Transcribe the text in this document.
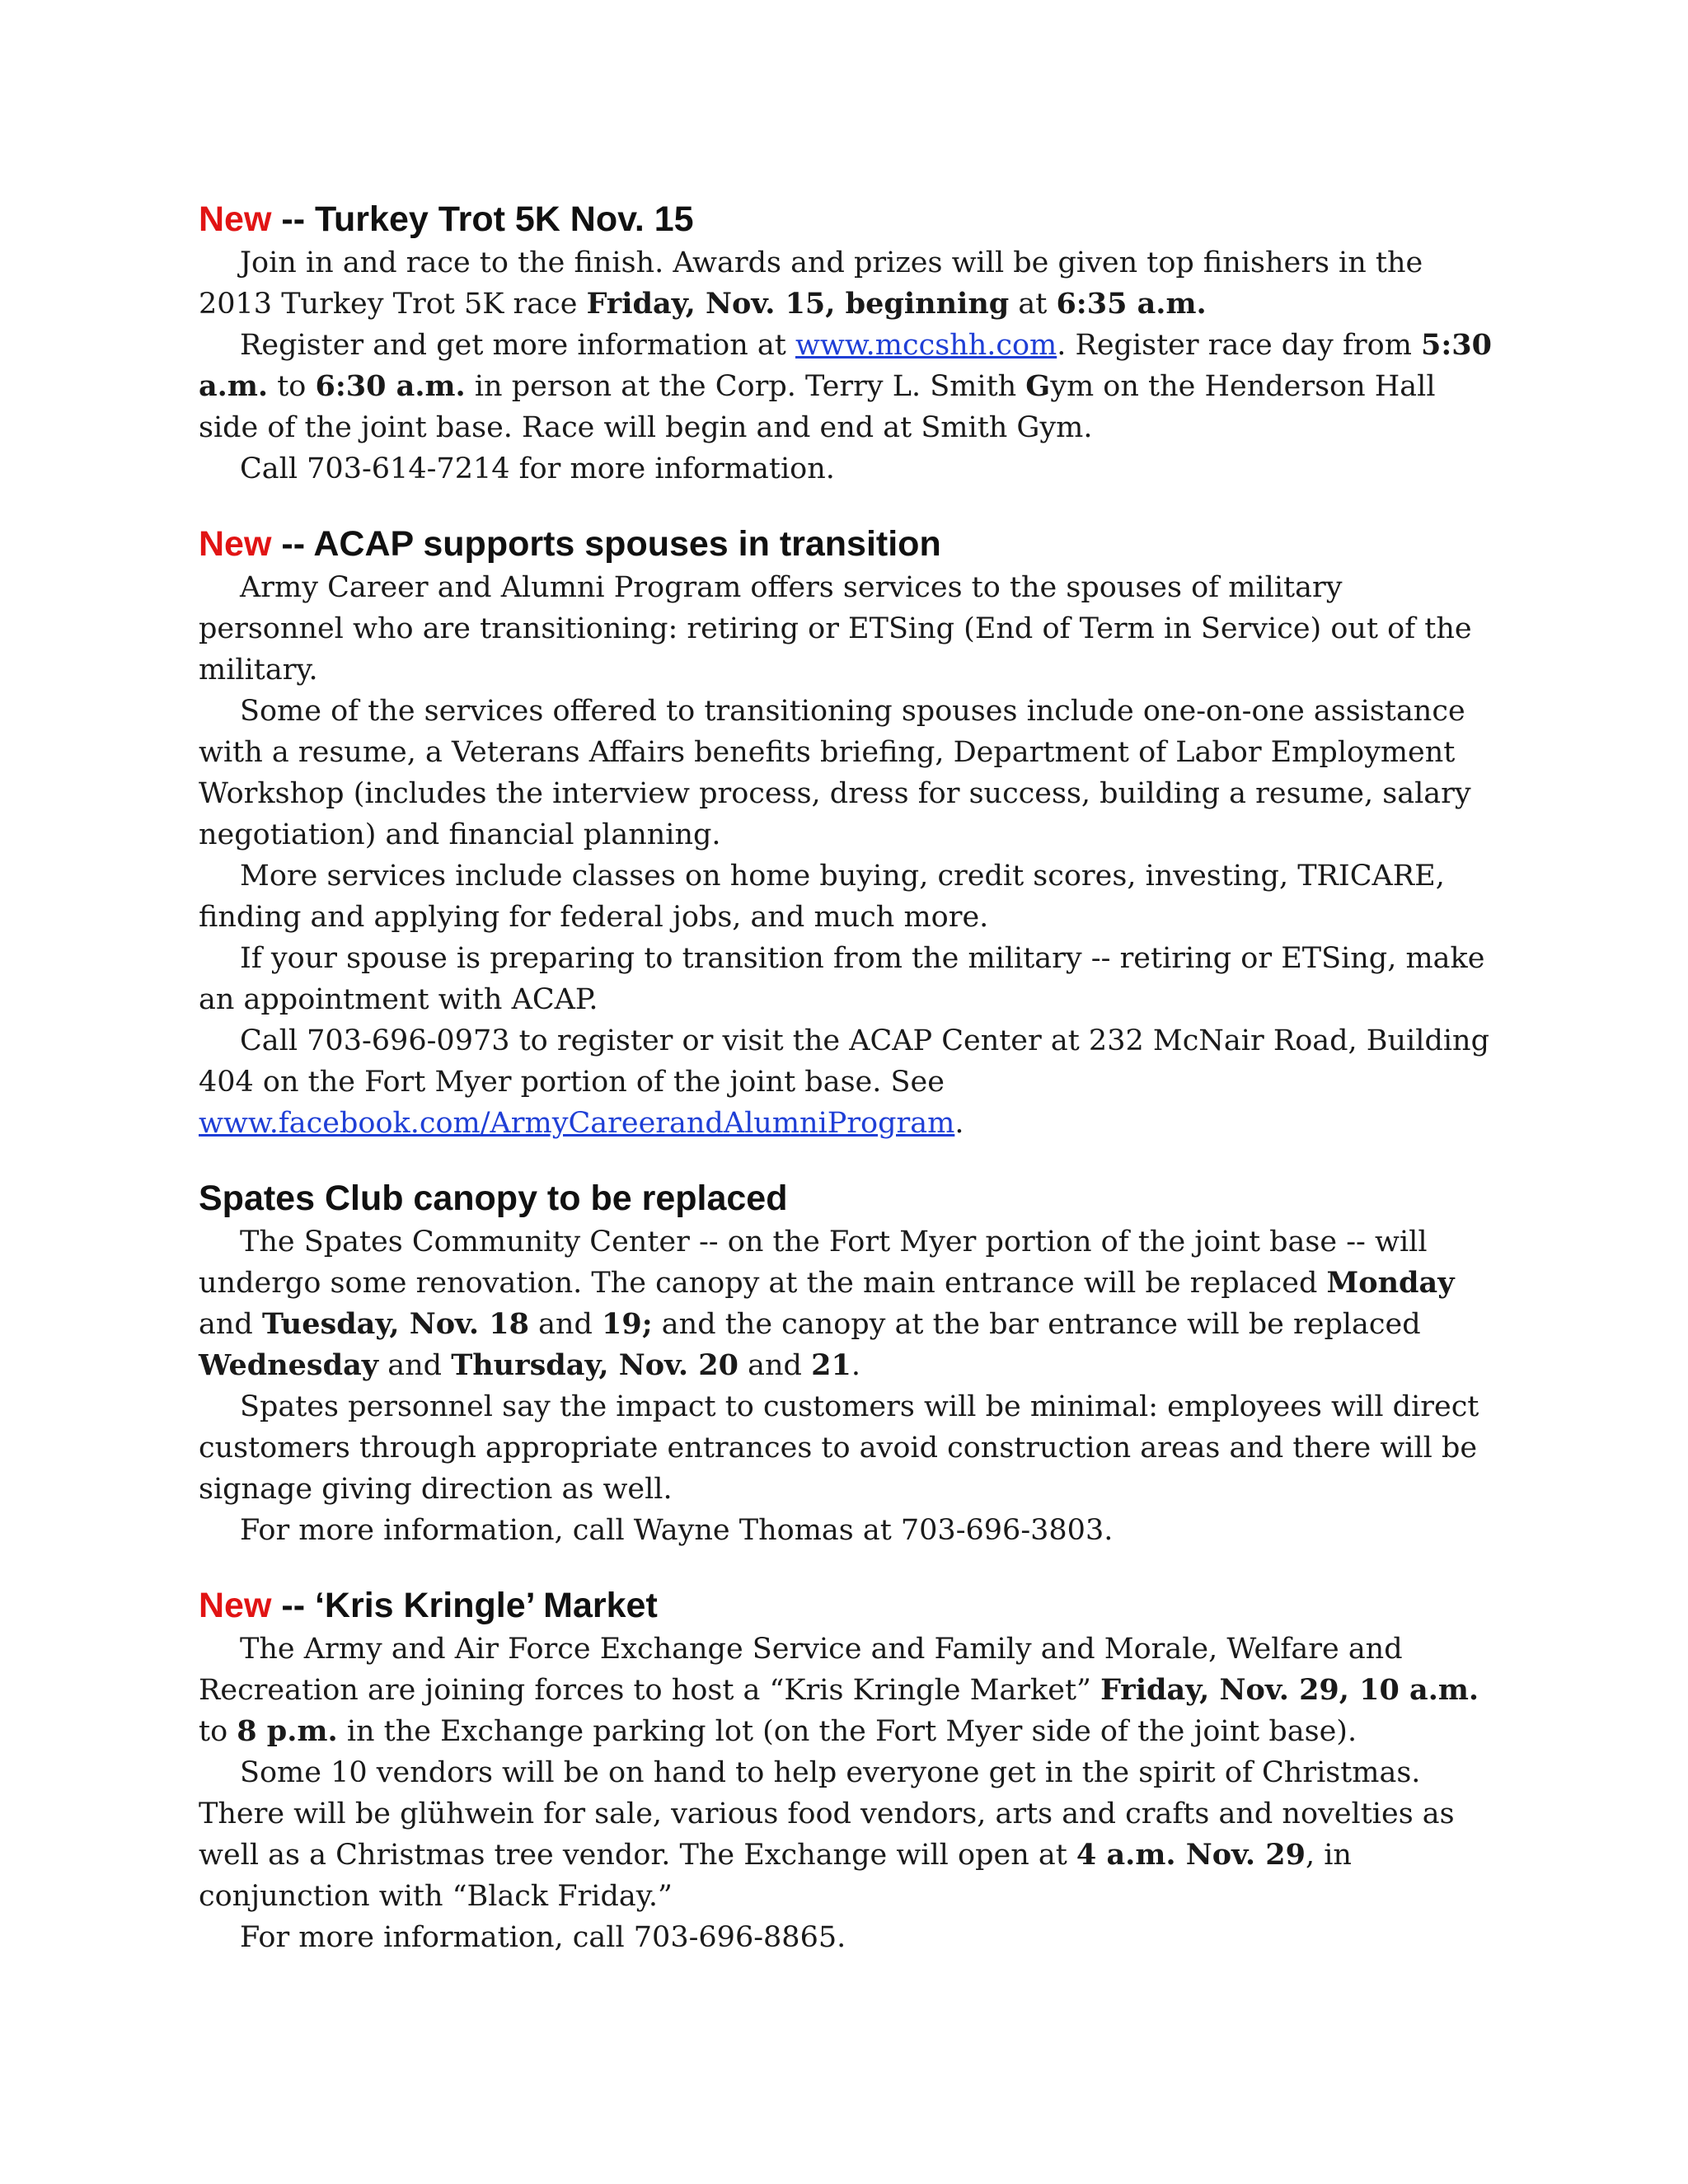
New -- Turkey Trot 5K Nov. 15

Join in and race to the finish. Awards and prizes will be given top finishers in the 2013 Turkey Trot 5K race Friday, Nov. 15, beginning at 6:35 a.m.

Register and get more information at www.mccshh.com. Register race day from 5:30 a.m. to 6:30 a.m. in person at the Corp. Terry L. Smith Gym on the Henderson Hall side of the joint base. Race will begin and end at Smith Gym.

Call 703-614-7214 for more information.

New -- ACAP supports spouses in transition

Army Career and Alumni Program offers services to the spouses of military personnel who are transitioning: retiring or ETSing (End of Term in Service) out of the military.

Some of the services offered to transitioning spouses include one-on-one assistance with a resume, a Veterans Affairs benefits briefing, Department of Labor Employment Workshop (includes the interview process, dress for success, building a resume, salary negotiation) and financial planning.

More services include classes on home buying, credit scores, investing, TRICARE, finding and applying for federal jobs, and much more.

If your spouse is preparing to transition from the military -- retiring or ETSing, make an appointment with ACAP.

Call 703-696-0973 to register or visit the ACAP Center at 232 McNair Road, Building 404 on the Fort Myer portion of the joint base. See www.facebook.com/ArmyCareerandAlumniProgram.

Spates Club canopy to be replaced

The Spates Community Center -- on the Fort Myer portion of the joint base -- will undergo some renovation. The canopy at the main entrance will be replaced Monday and Tuesday, Nov. 18 and 19; and the canopy at the bar entrance will be replaced Wednesday and Thursday, Nov. 20 and 21.

Spates personnel say the impact to customers will be minimal: employees will direct customers through appropriate entrances to avoid construction areas and there will be signage giving direction as well.

For more information, call Wayne Thomas at 703-696-3803.

New -- ‘Kris Kringle’ Market

The Army and Air Force Exchange Service and Family and Morale, Welfare and Recreation are joining forces to host a “Kris Kringle Market” Friday, Nov. 29, 10 a.m. to 8 p.m. in the Exchange parking lot (on the Fort Myer side of the joint base).

Some 10 vendors will be on hand to help everyone get in the spirit of Christmas. There will be glühwein for sale, various food vendors, arts and crafts and novelties as well as a Christmas tree vendor. The Exchange will open at 4 a.m. Nov. 29, in conjunction with “Black Friday.”

For more information, call 703-696-8865.
